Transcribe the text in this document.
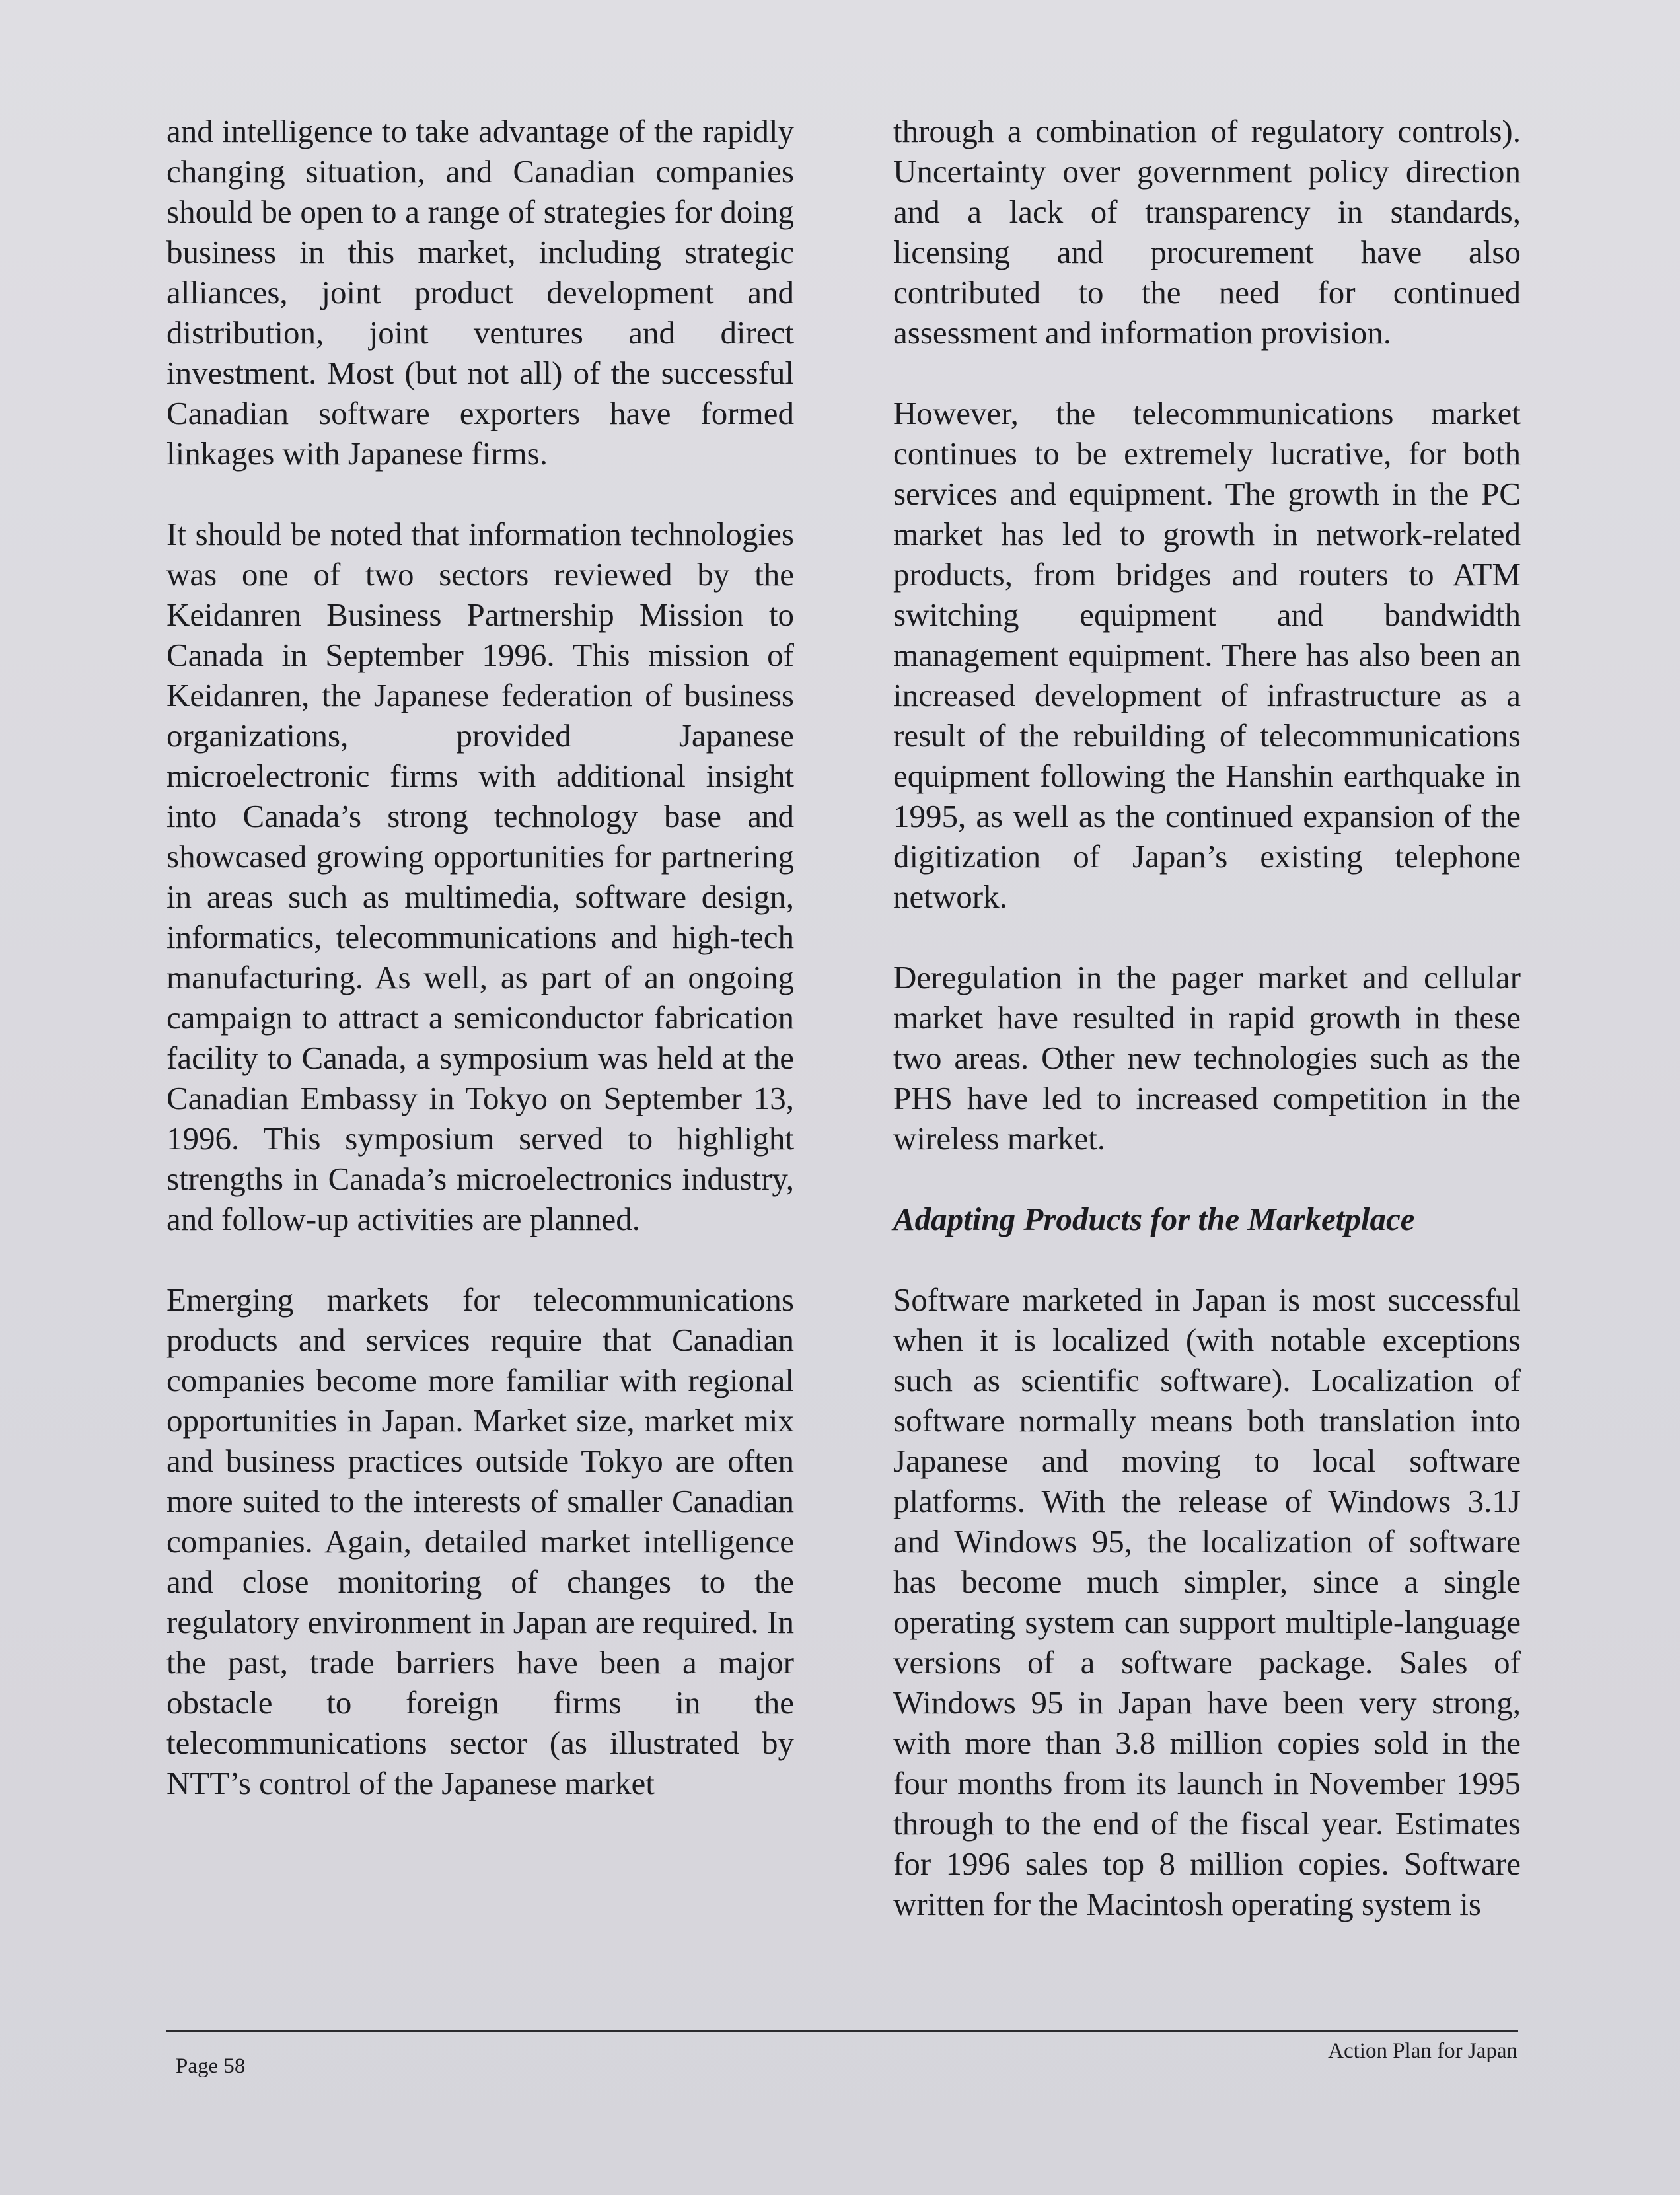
and intelligence to take advantage of the rapidly changing situation, and Canadian companies should be open to a range of strategies for doing business in this market, including strategic alliances, joint product development and distribution, joint ventures and direct investment. Most (but not all) of the successful Canadian software exporters have formed linkages with Japanese firms.

It should be noted that information technologies was one of two sectors reviewed by the Keidanren Business Partnership Mission to Canada in September 1996. This mission of Keidanren, the Japanese federation of business organizations, provided Japanese microelectronic firms with additional insight into Canada’s strong technology base and showcased growing opportunities for partnering in areas such as multimedia, software design, informatics, telecommunications and high-tech manufacturing. As well, as part of an ongoing campaign to attract a semiconductor fabrication facility to Canada, a symposium was held at the Canadian Embassy in Tokyo on September 13, 1996. This symposium served to highlight strengths in Canada’s microelectronics industry, and follow-up activities are planned.

Emerging markets for telecommunications products and services require that Canadian companies become more familiar with regional opportunities in Japan. Market size, market mix and business practices outside Tokyo are often more suited to the interests of smaller Canadian companies. Again, detailed market intelligence and close monitoring of changes to the regulatory environment in Japan are required. In the past, trade barriers have been a major obstacle to foreign firms in the telecommunications sector (as illustrated by NTT’s control of the Japanese market

through a combination of regulatory controls). Uncertainty over government policy direction and a lack of transparency in standards, licensing and procurement have also contributed to the need for continued assessment and information provision.

However, the telecommunications market continues to be extremely lucrative, for both services and equipment. The growth in the PC market has led to growth in network-related products, from bridges and routers to ATM switching equipment and bandwidth management equipment. There has also been an increased development of infrastructure as a result of the rebuilding of telecommunications equipment following the Hanshin earthquake in 1995, as well as the continued expansion of the digitization of Japan’s existing telephone network.

Deregulation in the pager market and cellular market have resulted in rapid growth in these two areas. Other new technologies such as the PHS have led to increased competition in the wireless market.

Adapting Products for the Marketplace

Software marketed in Japan is most successful when it is localized (with notable exceptions such as scientific software). Localization of software normally means both translation into Japanese and moving to local software platforms. With the release of Windows 3.1J and Windows 95, the localization of software has become much simpler, since a single operating system can support multiple-language versions of a software package. Sales of Windows 95 in Japan have been very strong, with more than 3.8 million copies sold in the four months from its launch in November 1995 through to the end of the fiscal year. Estimates for 1996 sales top 8 million copies. Software written for the Macintosh operating system is

Page 58
Action Plan for Japan
